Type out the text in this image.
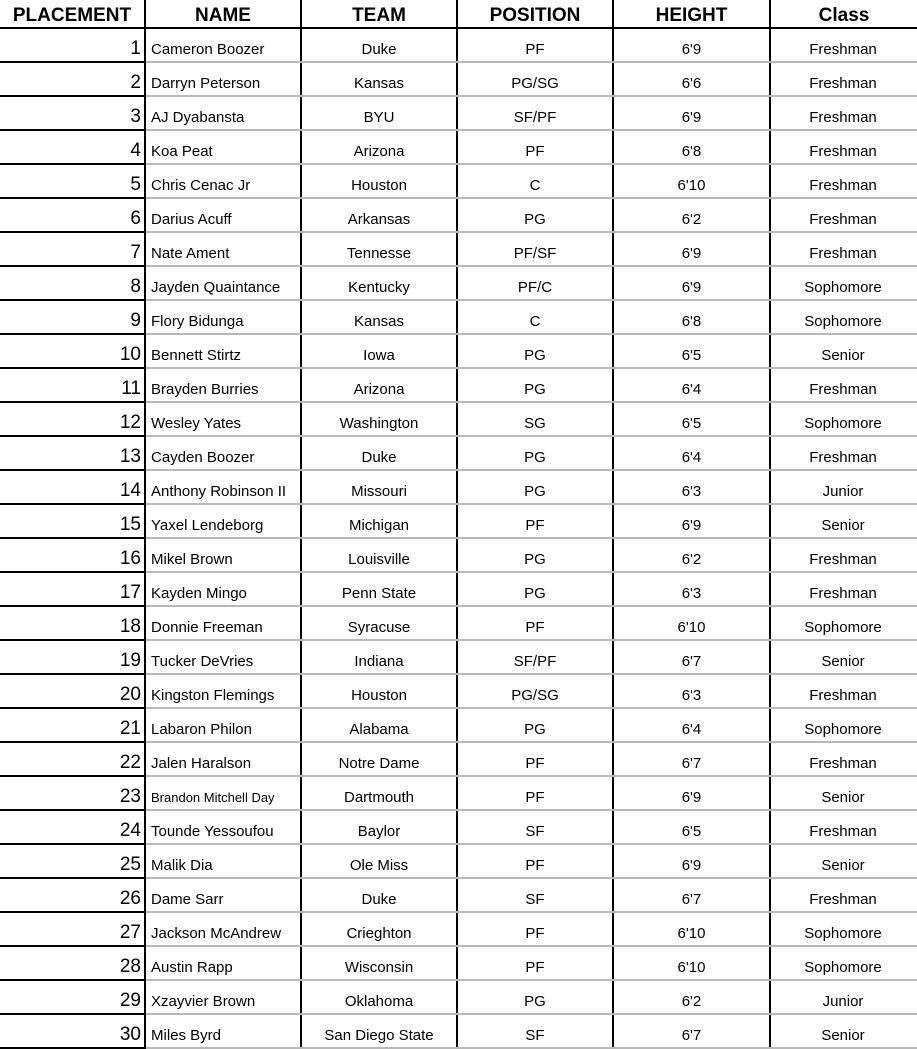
PLACEMENT	NAME	TEAM	POSITION	HEIGHT	Class
1	Cameron Boozer	Duke	PF	6'9	Freshman
2	Darryn Peterson	Kansas	PG/SG	6'6	Freshman
3	AJ Dyabansta	BYU	SF/PF	6'9	Freshman
4	Koa Peat	Arizona	PF	6'8	Freshman
5	Chris Cenac Jr	Houston	C	6'10	Freshman
6	Darius Acuff	Arkansas	PG	6'2	Freshman
7	Nate Ament	Tennesse	PF/SF	6'9	Freshman
8	Jayden Quaintance	Kentucky	PF/C	6'9	Sophomore
9	Flory Bidunga	Kansas	C	6'8	Sophomore
10	Bennett Stirtz	Iowa	PG	6'5	Senior
11	Brayden Burries	Arizona	PG	6'4	Freshman
12	Wesley Yates	Washington	SG	6'5	Sophomore
13	Cayden Boozer	Duke	PG	6'4	Freshman
14	Anthony Robinson II	Missouri	PG	6'3	Junior
15	Yaxel Lendeborg	Michigan	PF	6'9	Senior
16	Mikel Brown	Louisville	PG	6'2	Freshman
17	Kayden Mingo	Penn State	PG	6'3	Freshman
18	Donnie Freeman	Syracuse	PF	6'10	Sophomore
19	Tucker DeVries	Indiana	SF/PF	6'7	Senior
20	Kingston Flemings	Houston	PG/SG	6'3	Freshman
21	Labaron Philon	Alabama	PG	6'4	Sophomore
22	Jalen Haralson	Notre Dame	PF	6'7	Freshman
23	Brandon Mitchell Day	Dartmouth	PF	6'9	Senior
24	Tounde Yessoufou	Baylor	SF	6'5	Freshman
25	Malik Dia	Ole Miss	PF	6'9	Senior
26	Dame Sarr	Duke	SF	6'7	Freshman
27	Jackson McAndrew	Crieghton	PF	6'10	Sophomore
28	Austin Rapp	Wisconsin	PF	6'10	Sophomore
29	Xzayvier Brown	Oklahoma	PG	6'2	Junior
30	Miles Byrd	San Diego State	SF	6'7	Senior
